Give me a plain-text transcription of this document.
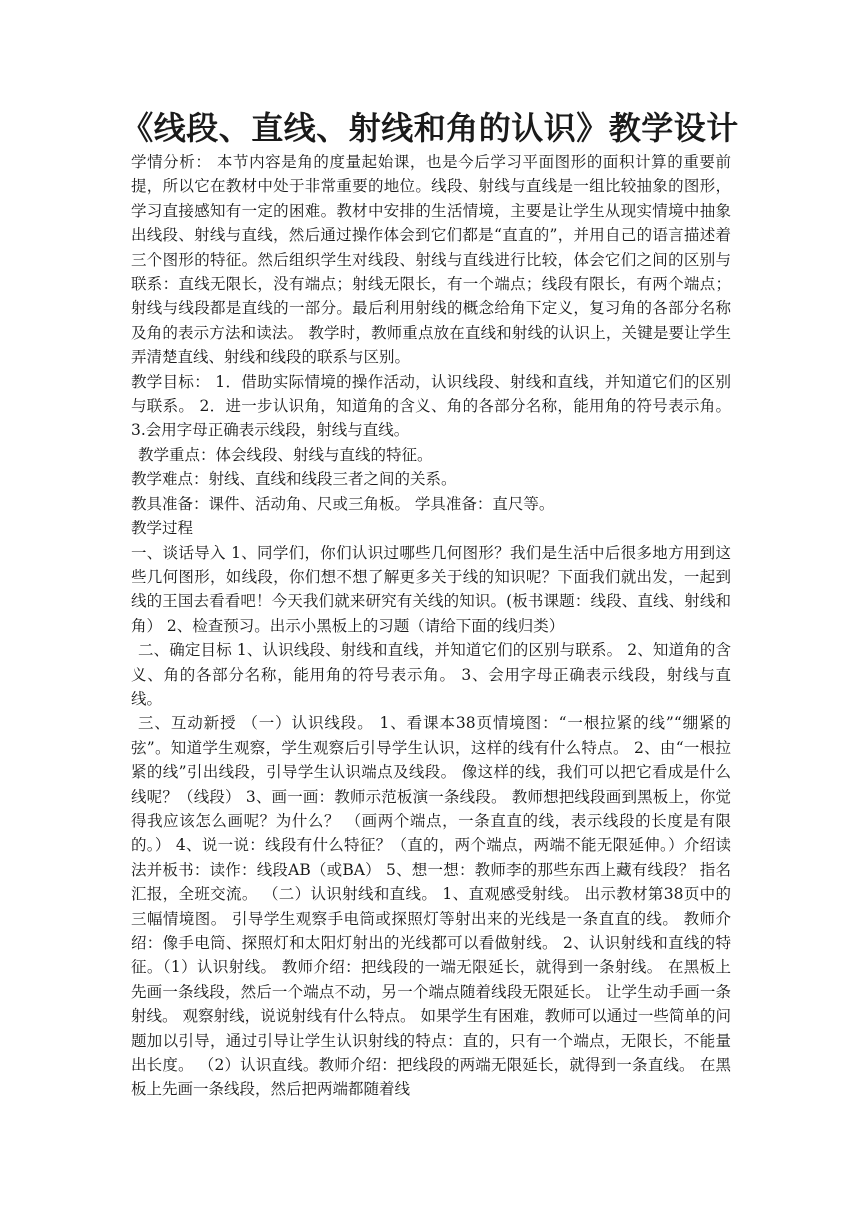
《线段、直线、射线和角的认识》教学设计

学情分析： 本节内容是角的度量起始课，也是今后学习平面图形的面积计算的重要前提，所以它在教材中处于非常重要的地位。线段、射线与直线是一组比较抽象的图形，学习直接感知有一定的困难。教材中安排的生活情境，主要是让学生从现实情境中抽象出线段、射线与直线，然后通过操作体会到它们都是“直直的”，并用自己的语言描述着三个图形的特征。然后组织学生对线段、射线与直线进行比较，体会它们之间的区别与联系：直线无限长，没有端点；射线无限长，有一个端点；线段有限长，有两个端点；射线与线段都是直线的一部分。最后利用射线的概念给角下定义，复习角的各部分名称及角的表示方法和读法。 教学时，教师重点放在直线和射线的认识上，关键是要让学生弄清楚直线、射线和线段的联系与区别。

教学目标： 1．借助实际情境的操作活动，认识线段、射线和直线，并知道它们的区别与联系。 2．进一步认识角，知道角的含义、角的各部分名称，能用角的符号表示角。 3.会用字母正确表示线段，射线与直线。

教学重点：体会线段、射线与直线的特征。

教学难点：射线、直线和线段三者之间的关系。

教具准备：课件、活动角、尺或三角板。 学具准备：直尺等。

教学过程

一、谈话导入 1、同学们，你们认识过哪些几何图形？我们是生活中后很多地方用到这些几何图形，如线段，你们想不想了解更多关于线的知识呢？下面我们就出发，一起到线的王国去看看吧！今天我们就来研究有关线的知识。(板书课题：线段、直线、射线和角） 2、检查预习。出示小黑板上的习题（请给下面的线归类）

二、确定目标 1、认识线段、射线和直线，并知道它们的区别与联系。 2、知道角的含义、角的各部分名称，能用角的符号表示角。 3、会用字母正确表示线段，射线与直线。

三、互动新授 （一）认识线段。 1、看课本38页情境图：“一根拉紧的线”“绷紧的弦”。知道学生观察，学生观察后引导学生认识，这样的线有什么特点。 2、由“一根拉紧的线”引出线段，引导学生认识端点及线段。 像这样的线，我们可以把它看成是什么线呢？（线段） 3、画一画：教师示范板演一条线段。 教师想把线段画到黑板上，你觉得我应该怎么画呢？为什么？ （画两个端点，一条直直的线，表示线段的长度是有限的。） 4、说一说：线段有什么特征？（直的，两个端点，两端不能无限延伸。）介绍读法并板书：读作：线段AB（或BA） 5、想一想：教师李的那些东西上藏有线段？ 指名汇报，全班交流。 （二）认识射线和直线。 1、直观感受射线。 出示教材第38页中的三幅情境图。 引导学生观察手电筒或探照灯等射出来的光线是一条直直的线。 教师介绍：像手电筒、探照灯和太阳灯射出的光线都可以看做射线。 2、认识射线和直线的特征。（1）认识射线。 教师介绍：把线段的一端无限延长，就得到一条射线。 在黑板上先画一条线段，然后一个端点不动，另一个端点随着线段无限延长。 让学生动手画一条射线。 观察射线，说说射线有什么特点。 如果学生有困难，教师可以通过一些简单的问题加以引导，通过引导让学生认识射线的特点：直的，只有一个端点，无限长，不能量出长度。 （2）认识直线。教师介绍：把线段的两端无限延长，就得到一条直线。 在黑板上先画一条线段，然后把两端都随着线
